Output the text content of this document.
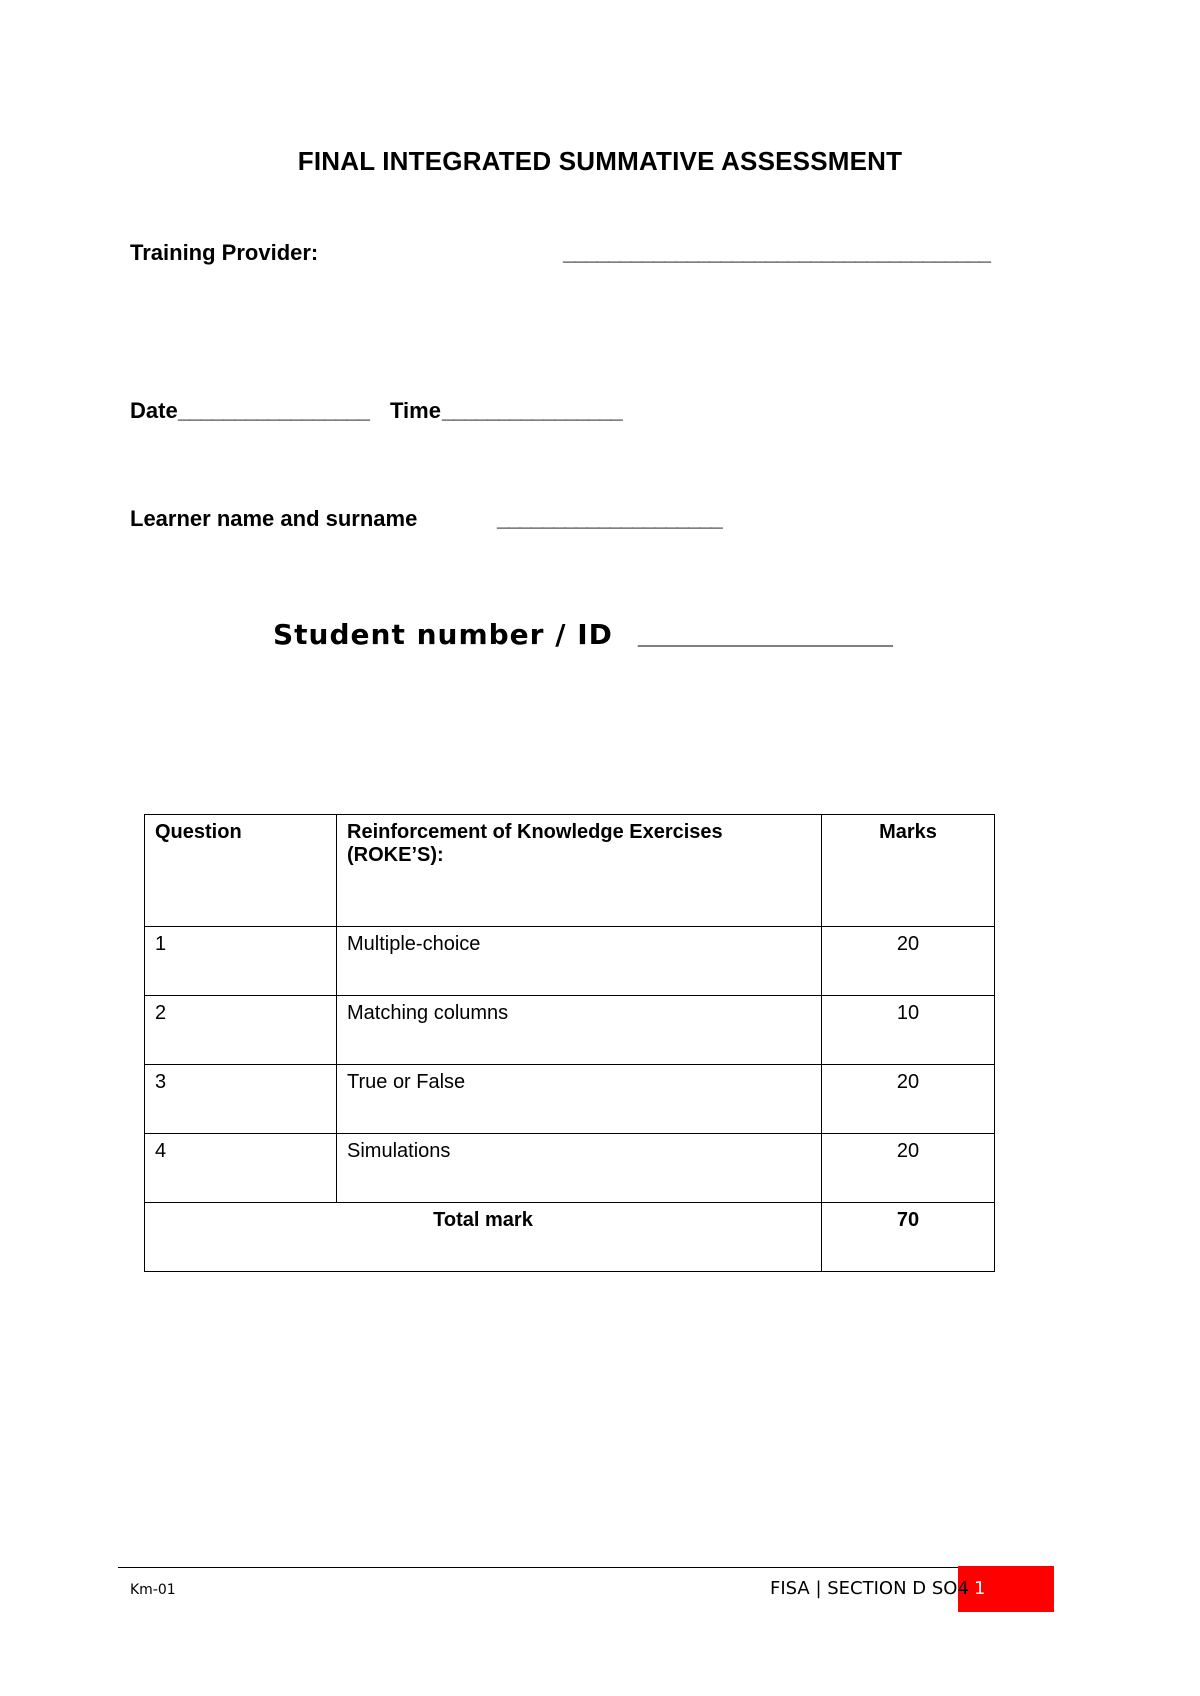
FINAL INTEGRATED SUMMATIVE ASSESSMENT
Training Provider:	______________________________________
Date _________________ Time ________________
Learner name and surname	____________________
Student number / ID __________________
Question	Reinforcement of Knowledge Exercises (ROKE’S):	Marks
1	Multiple-choice	20
2	Matching columns	10
3	True or False	20
4	Simulations	20
Total mark		70
Km-01	FISA | SECTION D SO4 1
